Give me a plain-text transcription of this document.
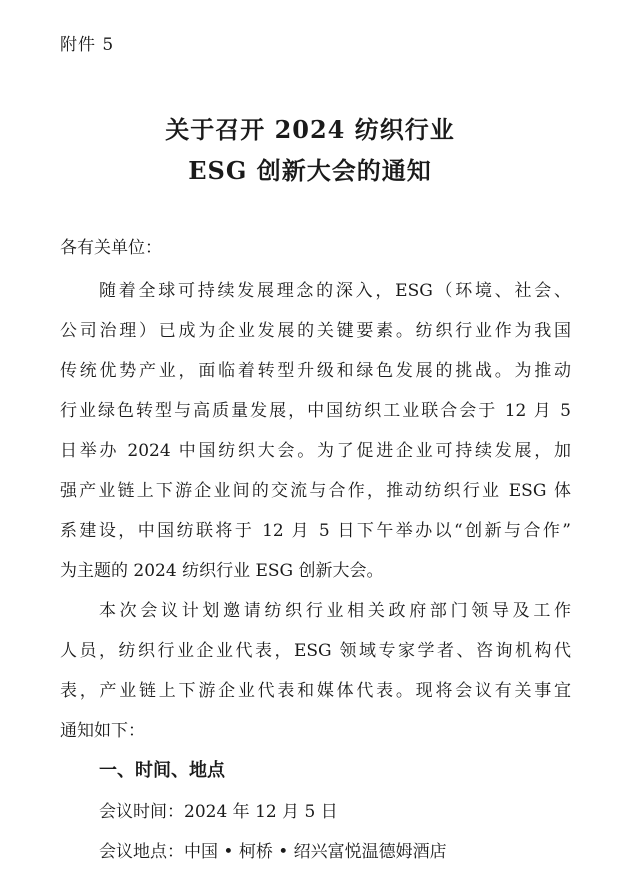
附件 5
关于召开 2024 纺织行业
ESG 创新大会的通知
各有关单位：
随着全球可持续发展理念的深入，ESG（环境、社会、
公司治理）已成为企业发展的关键要素。纺织行业作为我国
传统优势产业，面临着转型升级和绿色发展的挑战。为推动
行业绿色转型与高质量发展，中国纺织工业联合会于 12 月 5
日举办 2024 中国纺织大会。为了促进企业可持续发展，加
强产业链上下游企业间的交流与合作，推动纺织行业 ESG 体
系建设，中国纺联将于 12 月 5 日下午举办以“创新与合作”
为主题的 2024 纺织行业 ESG 创新大会。
本次会议计划邀请纺织行业相关政府部门领导及工作
人员，纺织行业企业代表，ESG 领域专家学者、咨询机构代
表，产业链上下游企业代表和媒体代表。现将会议有关事宜
通知如下：
一、时间、地点
会议时间：2024 年 12 月 5 日
会议地点：中国 • 柯桥 • 绍兴富悦温德姆酒店
